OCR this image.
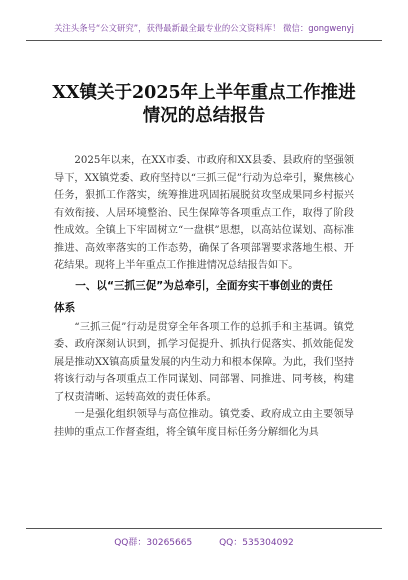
关注头条号“公文研究”，获得最新最全最专业的公文资料库！ 微信：gongwenyj
XX镇关于2025年上半年重点工作推进
情况的总结报告

2025年以来，在XX市委、市政府和XX县委、县政府的坚强领导下，XX镇党委、政府坚持以“三抓三促”行动为总牵引，聚焦核心任务，狠抓工作落实，统筹推进巩固拓展脱贫攻坚成果同乡村振兴有效衔接、人居环境整治、民生保障等各项重点工作，取得了阶段性成效。全镇上下牢固树立“一盘棋”思想，以高站位谋划、高标准推进、高效率落实的工作态势，确保了各项部署要求落地生根、开花结果。现将上半年重点工作推进情况总结报告如下。

一、以“三抓三促”为总牵引，全面夯实干事创业的责任
体系

“三抓三促”行动是贯穿全年各项工作的总抓手和主基调。镇党委、政府深刻认识到，抓学习促提升、抓执行促落实、抓效能促发展是推动XX镇高质量发展的内生动力和根本保障。为此，我们坚持将该行动与各项重点工作同谋划、同部署、同推进、同考核，构建了权责清晰、运转高效的责任体系。

一是强化组织领导与高位推动。镇党委、政府成立由主要领导挂帅的重点工作督查组，将全镇年度目标任务分解细化为具

QQ群：30265665	QQ：535304092
